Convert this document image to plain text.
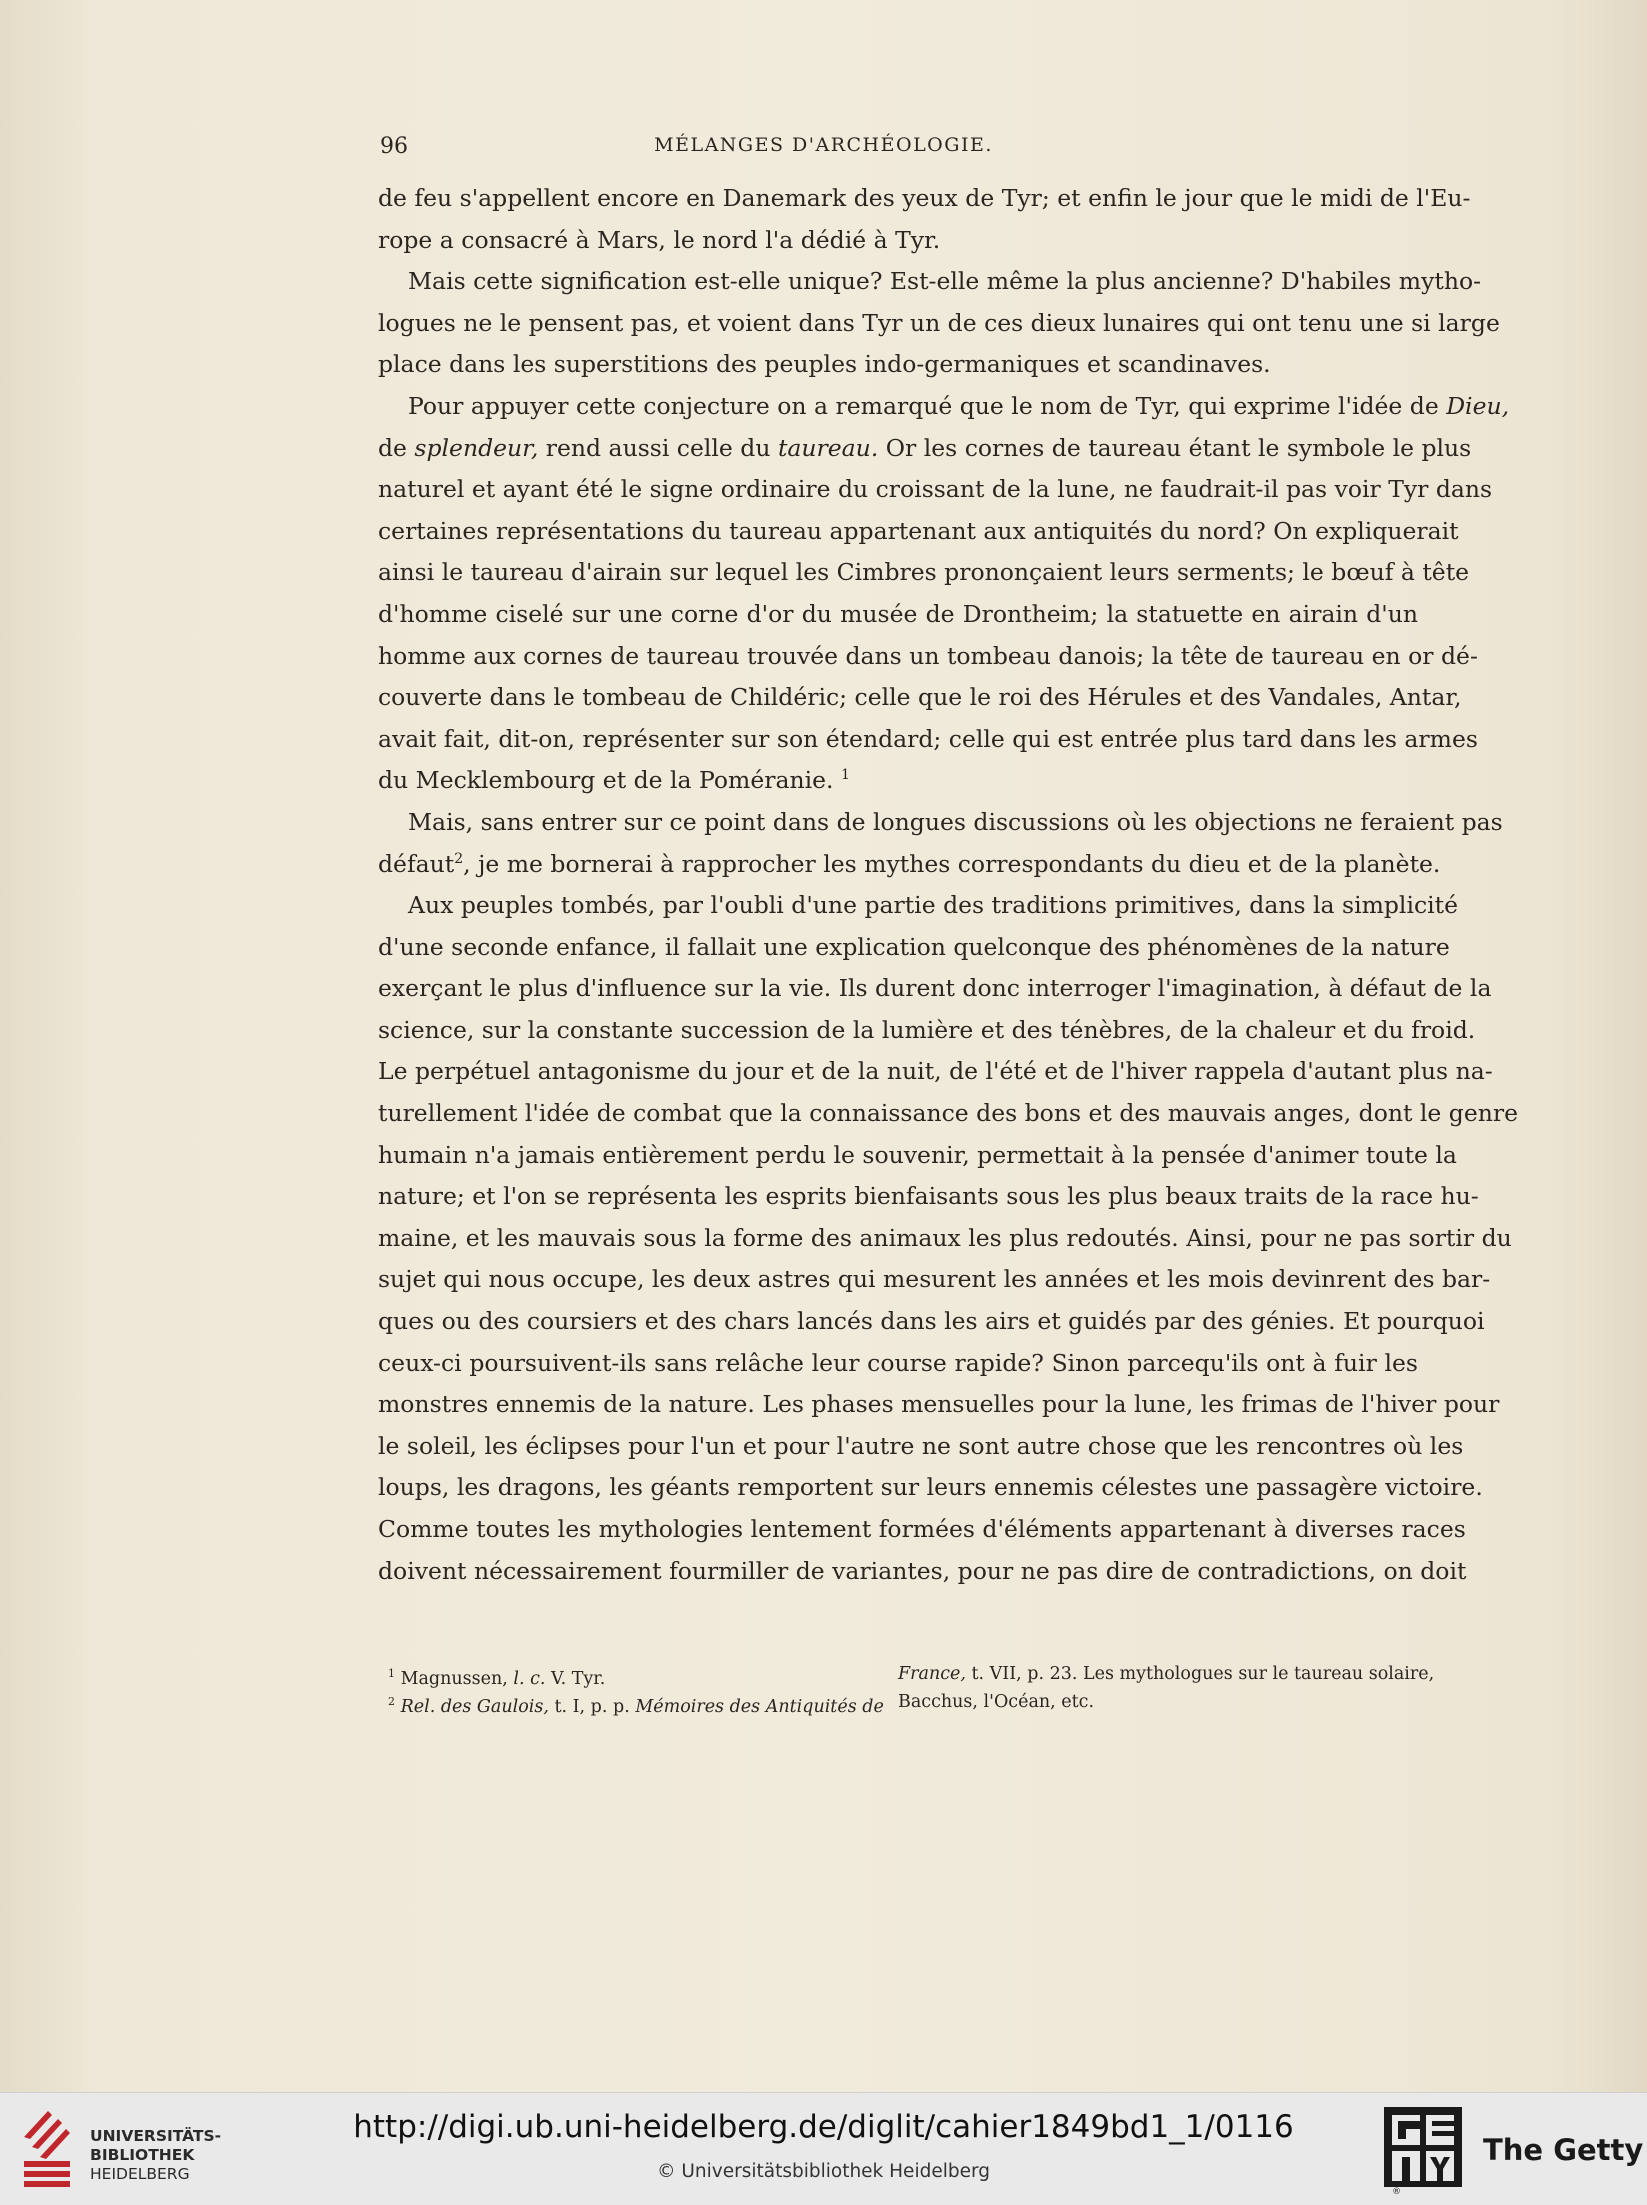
96	MÉLANGES D'ARCHÉOLOGIE.
de feu s'appellent encore en Danemark des yeux de Tyr; et enfin le jour que le midi de l'Eu-
rope a consacré à Mars, le nord l'a dédié à Tyr.
Mais cette signification est-elle unique? Est-elle même la plus ancienne? D'habiles mytho-
logues ne le pensent pas, et voient dans Tyr un de ces dieux lunaires qui ont tenu une si large
place dans les superstitions des peuples indo-germaniques et scandinaves.
Pour appuyer cette conjecture on a remarqué que le nom de Tyr, qui exprime l'idée de Dieu,
de splendeur, rend aussi celle du taureau. Or les cornes de taureau étant le symbole le plus
naturel et ayant été le signe ordinaire du croissant de la lune, ne faudrait-il pas voir Tyr dans
certaines représentations du taureau appartenant aux antiquités du nord? On expliquerait
ainsi le taureau d'airain sur lequel les Cimbres prononçaient leurs serments; le bœuf à tête
d'homme ciselé sur une corne d'or du musée de Drontheim; la statuette en airain d'un
homme aux cornes de taureau trouvée dans un tombeau danois; la tête de taureau en or dé-
couverte dans le tombeau de Childéric; celle que le roi des Hérules et des Vandales, Antar,
avait fait, dit-on, représenter sur son étendard; celle qui est entrée plus tard dans les armes
du Mecklembourg et de la Poméranie. $^1$
Mais, sans entrer sur ce point dans de longues discussions où les objections ne feraient pas
défaut$^2$, je me bornerai à rapprocher les mythes correspondants du dieu et de la planète.
Aux peuples tombés, par l'oubli d'une partie des traditions primitives, dans la simplicité
d'une seconde enfance, il fallait une explication quelconque des phénomènes de la nature
exerçant le plus d'influence sur la vie. Ils durent donc interroger l'imagination, à défaut de la
science, sur la constante succession de la lumière et des ténèbres, de la chaleur et du froid.
Le perpétuel antagonisme du jour et de la nuit, de l'été et de l'hiver rappela d'autant plus na-
turellement l'idée de combat que la connaissance des bons et des mauvais anges, dont le genre
humain n'a jamais entièrement perdu le souvenir, permettait à la pensée d'animer toute la
nature; et l'on se représenta les esprits bienfaisants sous les plus beaux traits de la race hu-
maine, et les mauvais sous la forme des animaux les plus redoutés. Ainsi, pour ne pas sortir du
sujet qui nous occupe, les deux astres qui mesurent les années et les mois devinrent des bar-
ques ou des coursiers et des chars lancés dans les airs et guidés par des génies. Et pourquoi
ceux-ci poursuivent-ils sans relâche leur course rapide? Sinon parcequ'ils ont à fuir les
monstres ennemis de la nature. Les phases mensuelles pour la lune, les frimas de l'hiver pour
le soleil, les éclipses pour l'un et pour l'autre ne sont autre chose que les rencontres où les
loups, les dragons, les géants remportent sur leurs ennemis célestes une passagère victoire.
Comme toutes les mythologies lentement formées d'éléments appartenant à diverses races
doivent nécessairement fourmiller de variantes, pour ne pas dire de contradictions, on doit
$^1$ Magnussen, l. c. V. Tyr.
$^2$ Rel. des Gaulois, t. I, p. p. Mémoires des Antiquités de
France, t. VII, p. 23. Les mythologues sur le taureau solaire,
Bacchus, l'Océan, etc.
UNIVERSITÄTS-
BIBLIOTHEK
HEIDELBERG
http://digi.ub.uni-heidelberg.de/diglit/cahier1849bd1_1/0116
© Universitätsbibliothek Heidelberg
®
The Getty
